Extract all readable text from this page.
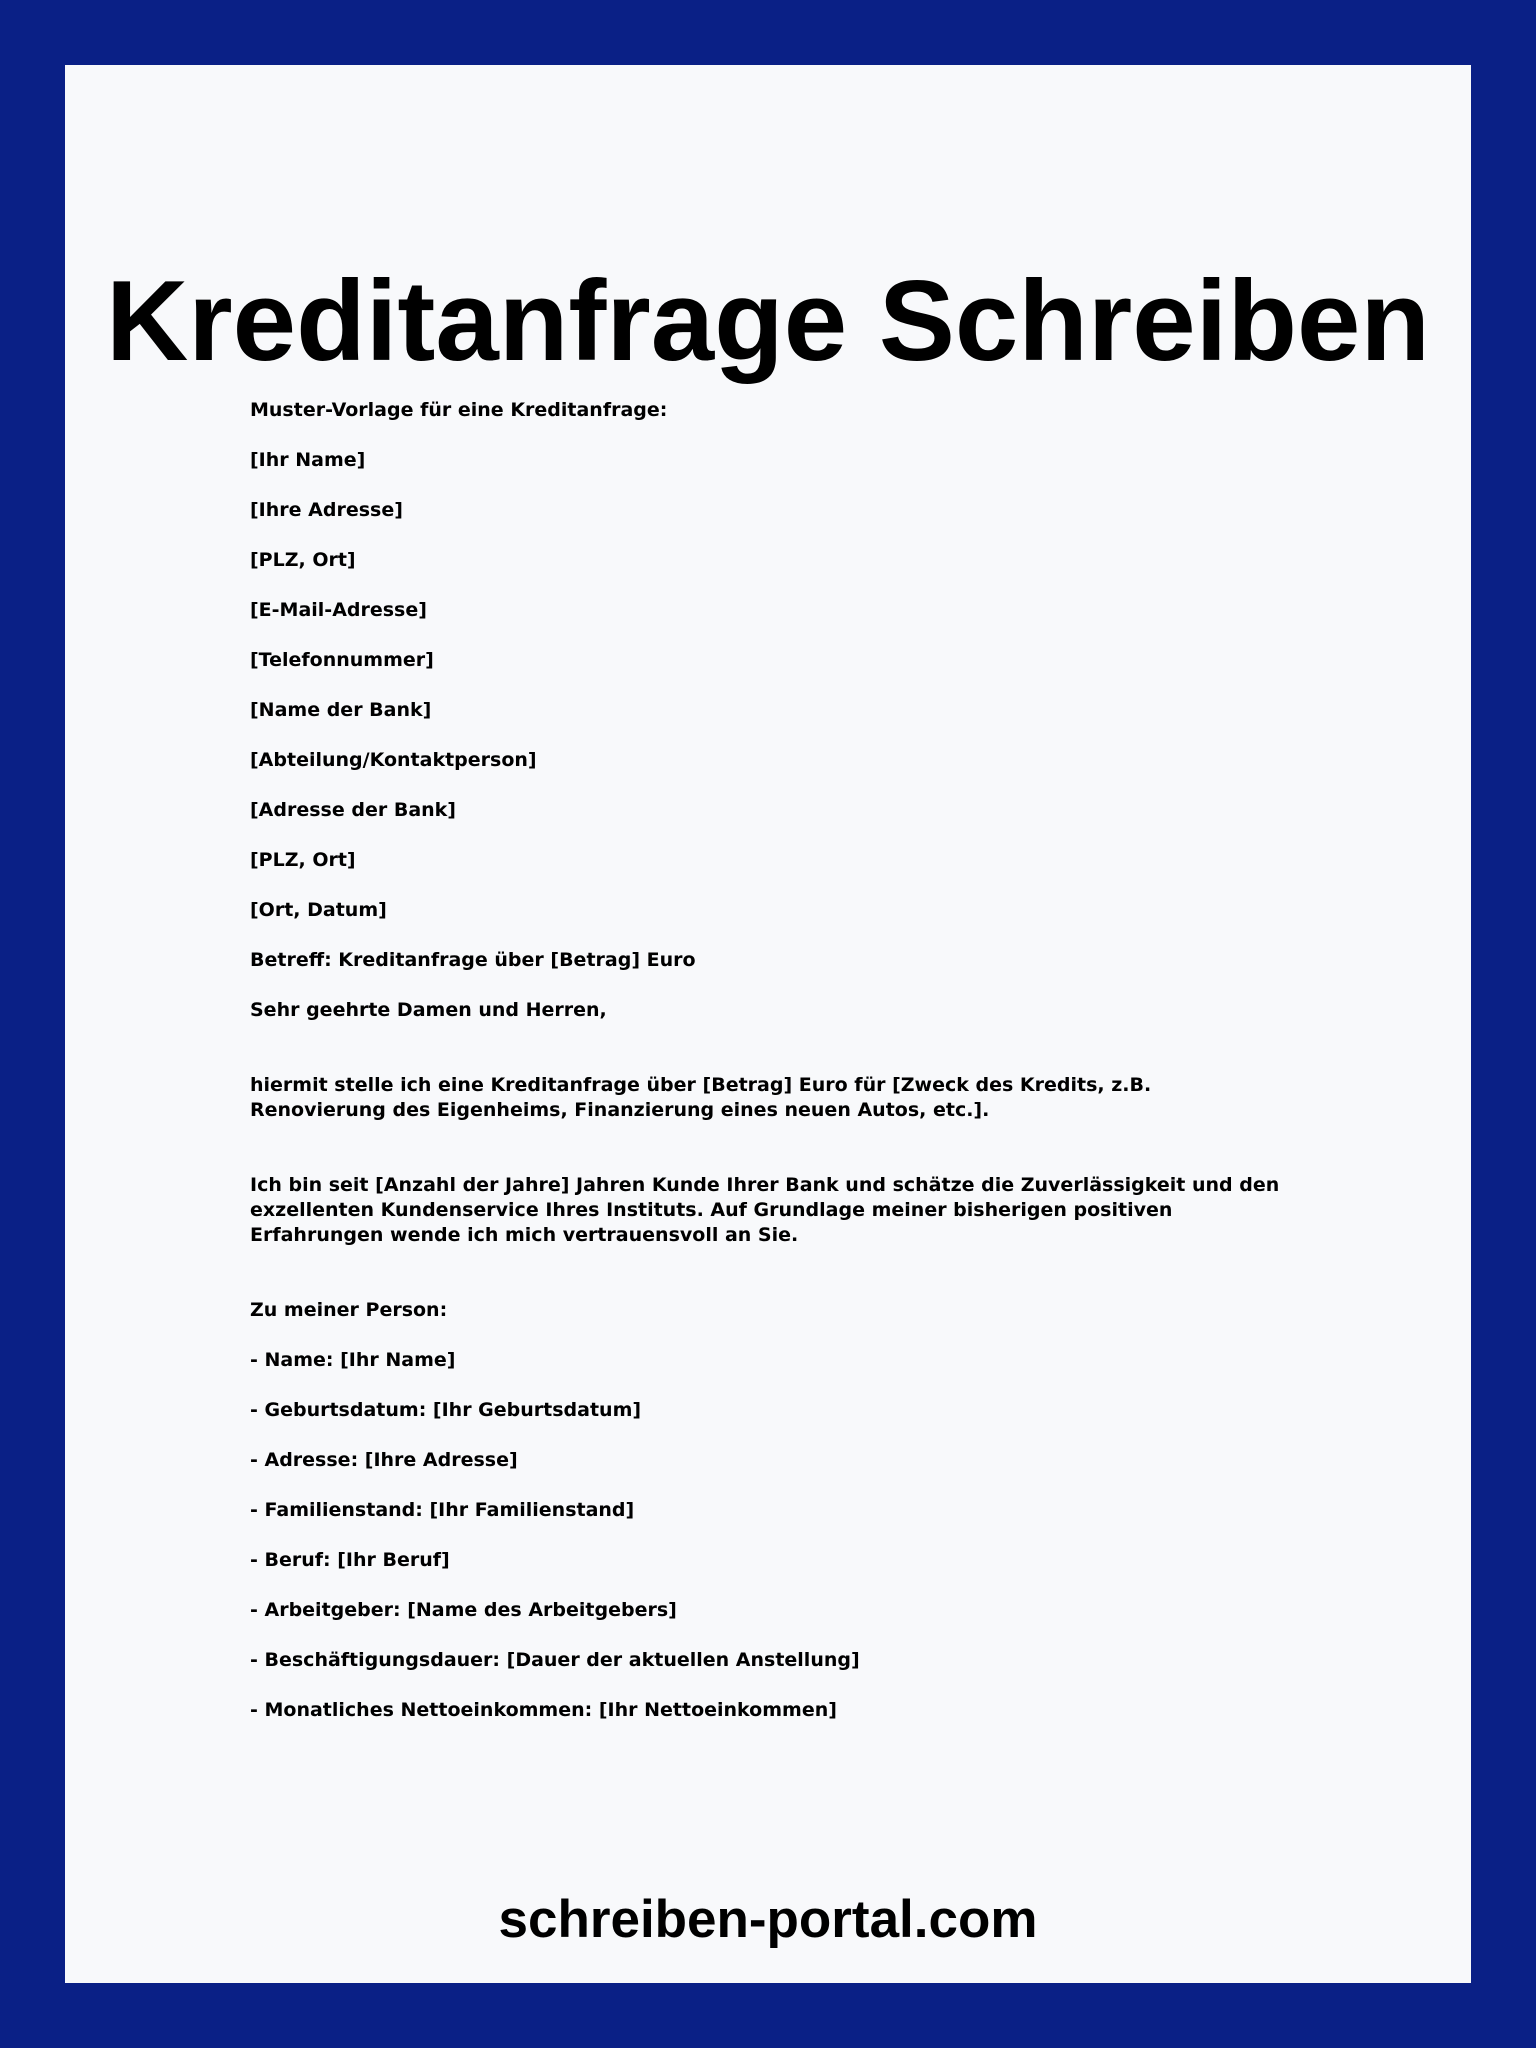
Kreditanfrage Schreiben

Muster-Vorlage für eine Kreditanfrage:

[Ihr Name]

[Ihre Adresse]

[PLZ, Ort]

[E-Mail-Adresse]

[Telefonnummer]

[Name der Bank]

[Abteilung/Kontaktperson]

[Adresse der Bank]

[PLZ, Ort]

[Ort, Datum]

Betreff: Kreditanfrage über [Betrag] Euro

Sehr geehrte Damen und Herren,

hiermit stelle ich eine Kreditanfrage über [Betrag] Euro für [Zweck des Kredits, z.B. Renovierung des Eigenheims, Finanzierung eines neuen Autos, etc.].

Ich bin seit [Anzahl der Jahre] Jahren Kunde Ihrer Bank und schätze die Zuverlässigkeit und den exzellenten Kundenservice Ihres Instituts. Auf Grundlage meiner bisherigen positiven Erfahrungen wende ich mich vertrauensvoll an Sie.

Zu meiner Person:

- Name: [Ihr Name]

- Geburtsdatum: [Ihr Geburtsdatum]

- Adresse: [Ihre Adresse]

- Familienstand: [Ihr Familienstand]

- Beruf: [Ihr Beruf]

- Arbeitgeber: [Name des Arbeitgebers]

- Beschäftigungsdauer: [Dauer der aktuellen Anstellung]

- Monatliches Nettoeinkommen: [Ihr Nettoeinkommen]

schreiben-portal.com
